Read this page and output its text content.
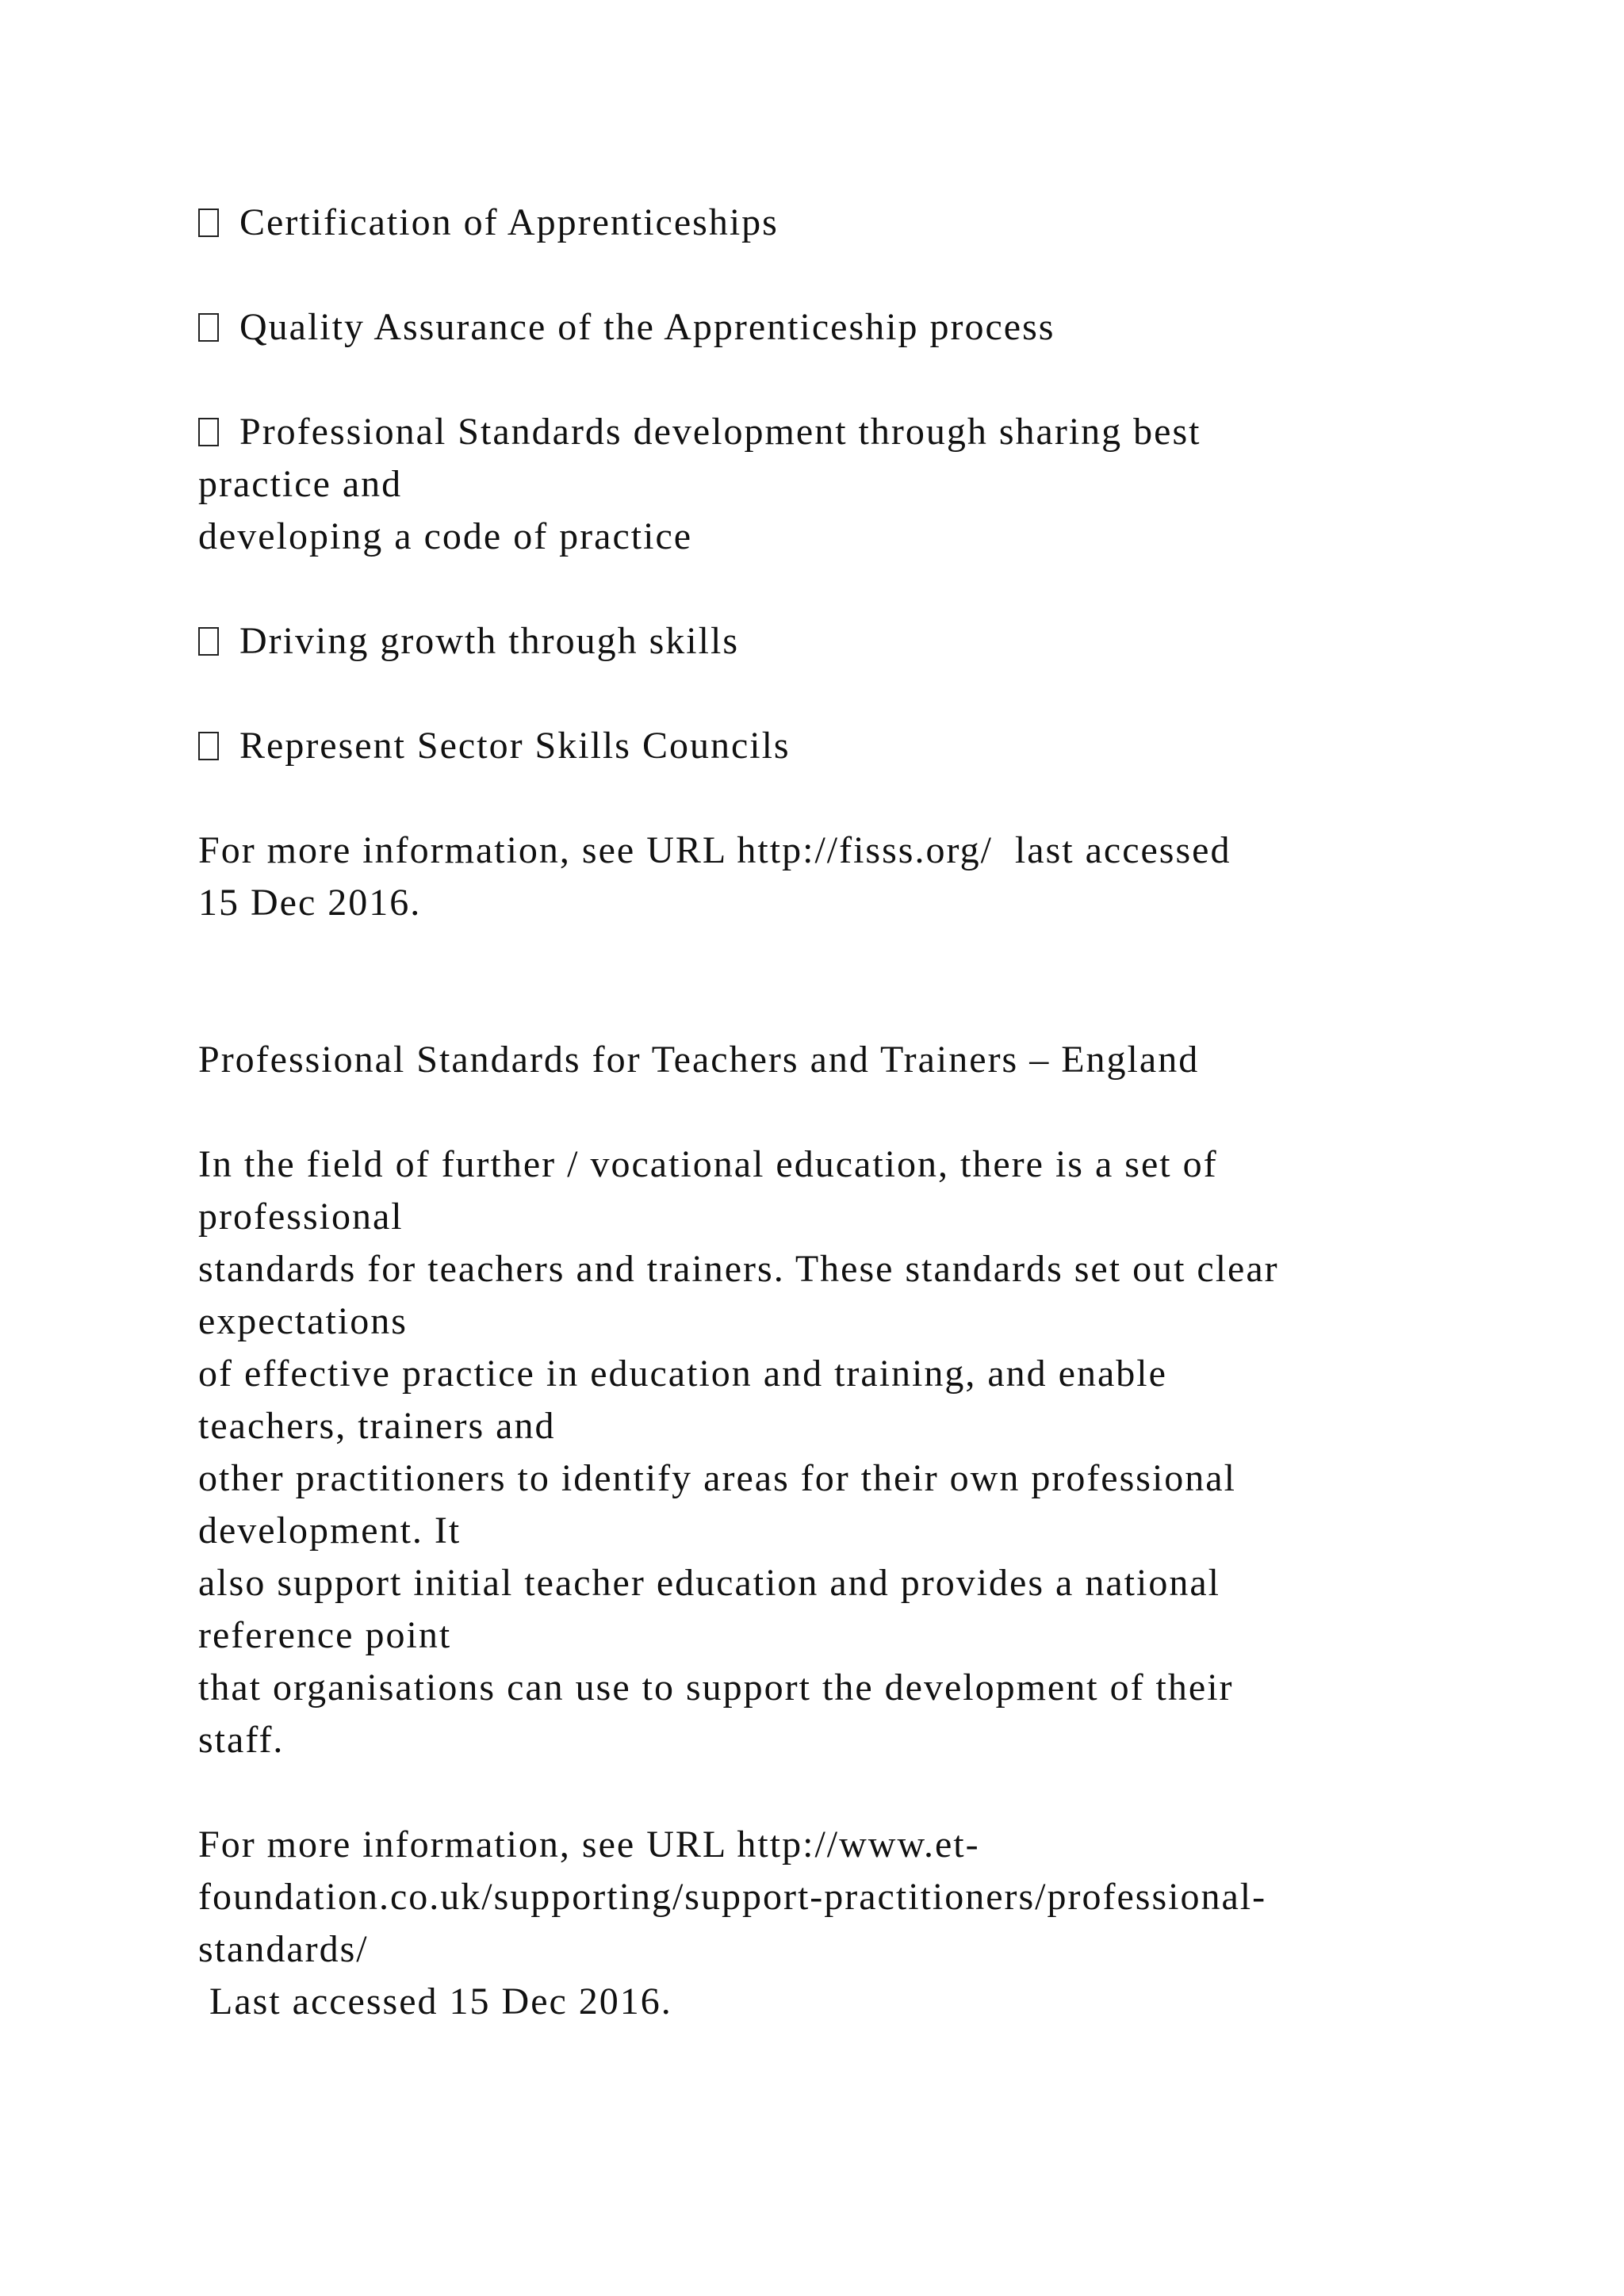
Certification of Apprenticeships
Quality Assurance of the Apprenticeship process
Professional Standards development through sharing best
practice and
developing a code of practice
Driving growth through skills
Represent Sector Skills Councils
For more information, see URL http://fisss.org/  last accessed
15 Dec 2016.
Professional Standards for Teachers and Trainers – England
In the field of further / vocational education, there is a set of
professional
standards for teachers and trainers. These standards set out clear
expectations
of effective practice in education and training, and enable
teachers, trainers and
other practitioners to identify areas for their own professional
development. It
also support initial teacher education and provides a national
reference point
that organisations can use to support the development of their
staff.
For more information, see URL http://www.et-
foundation.co.uk/supporting/support-practitioners/professional-
standards/
Last accessed 15 Dec 2016.
